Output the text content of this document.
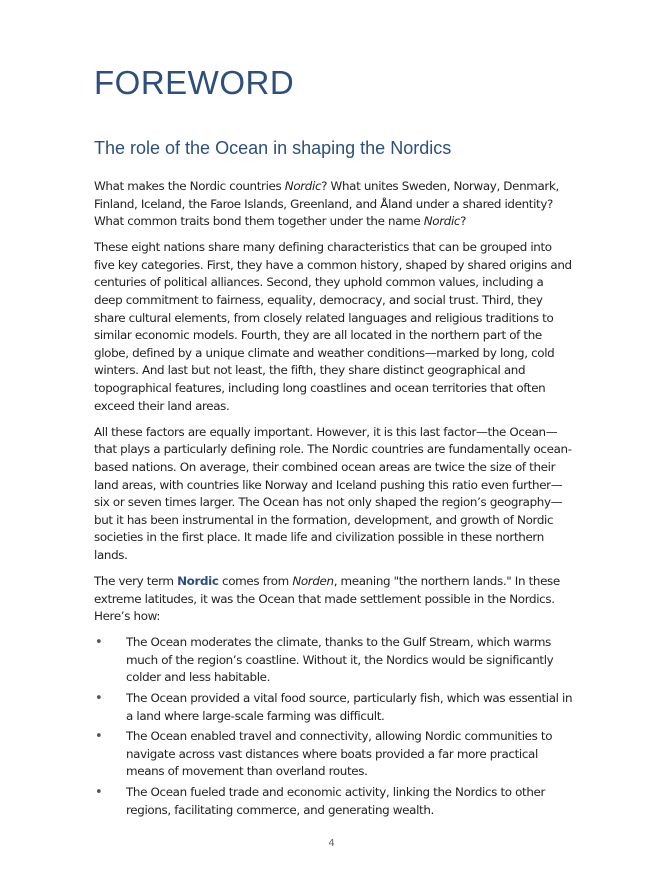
FOREWORD
The role of the Ocean in shaping the Nordics

What makes the Nordic countries Nordic? What unites Sweden, Norway, Denmark, Finland, Iceland, the Faroe Islands, Greenland, and Åland under a shared identity? What common traits bond them together under the name Nordic?

These eight nations share many defining characteristics that can be grouped into five key categories. First, they have a common history, shaped by shared origins and centuries of political alliances. Second, they uphold common values, including a deep commitment to fairness, equality, democracy, and social trust. Third, they share cultural elements, from closely related languages and religious traditions to similar economic models. Fourth, they are all located in the northern part of the globe, defined by a unique climate and weather conditions—marked by long, cold winters. And last but not least, the fifth, they share distinct geographical and topographical features, including long coastlines and ocean territories that often exceed their land areas.

All these factors are equally important. However, it is this last factor—the Ocean—that plays a particularly defining role. The Nordic countries are fundamentally ocean-based nations. On average, their combined ocean areas are twice the size of their land areas, with countries like Norway and Iceland pushing this ratio even further—six or seven times larger. The Ocean has not only shaped the region’s geography—but it has been instrumental in the formation, development, and growth of Nordic societies in the first place. It made life and civilization possible in these northern lands.

The very term Nordic comes from Norden, meaning "the northern lands." In these extreme latitudes, it was the Ocean that made settlement possible in the Nordics. Here’s how:

• The Ocean moderates the climate, thanks to the Gulf Stream, which warms much of the region’s coastline. Without it, the Nordics would be significantly colder and less habitable.
• The Ocean provided a vital food source, particularly fish, which was essential in a land where large-scale farming was difficult.
• The Ocean enabled travel and connectivity, allowing Nordic communities to navigate across vast distances where boats provided a far more practical means of movement than overland routes.
• The Ocean fueled trade and economic activity, linking the Nordics to other regions, facilitating commerce, and generating wealth.
4
